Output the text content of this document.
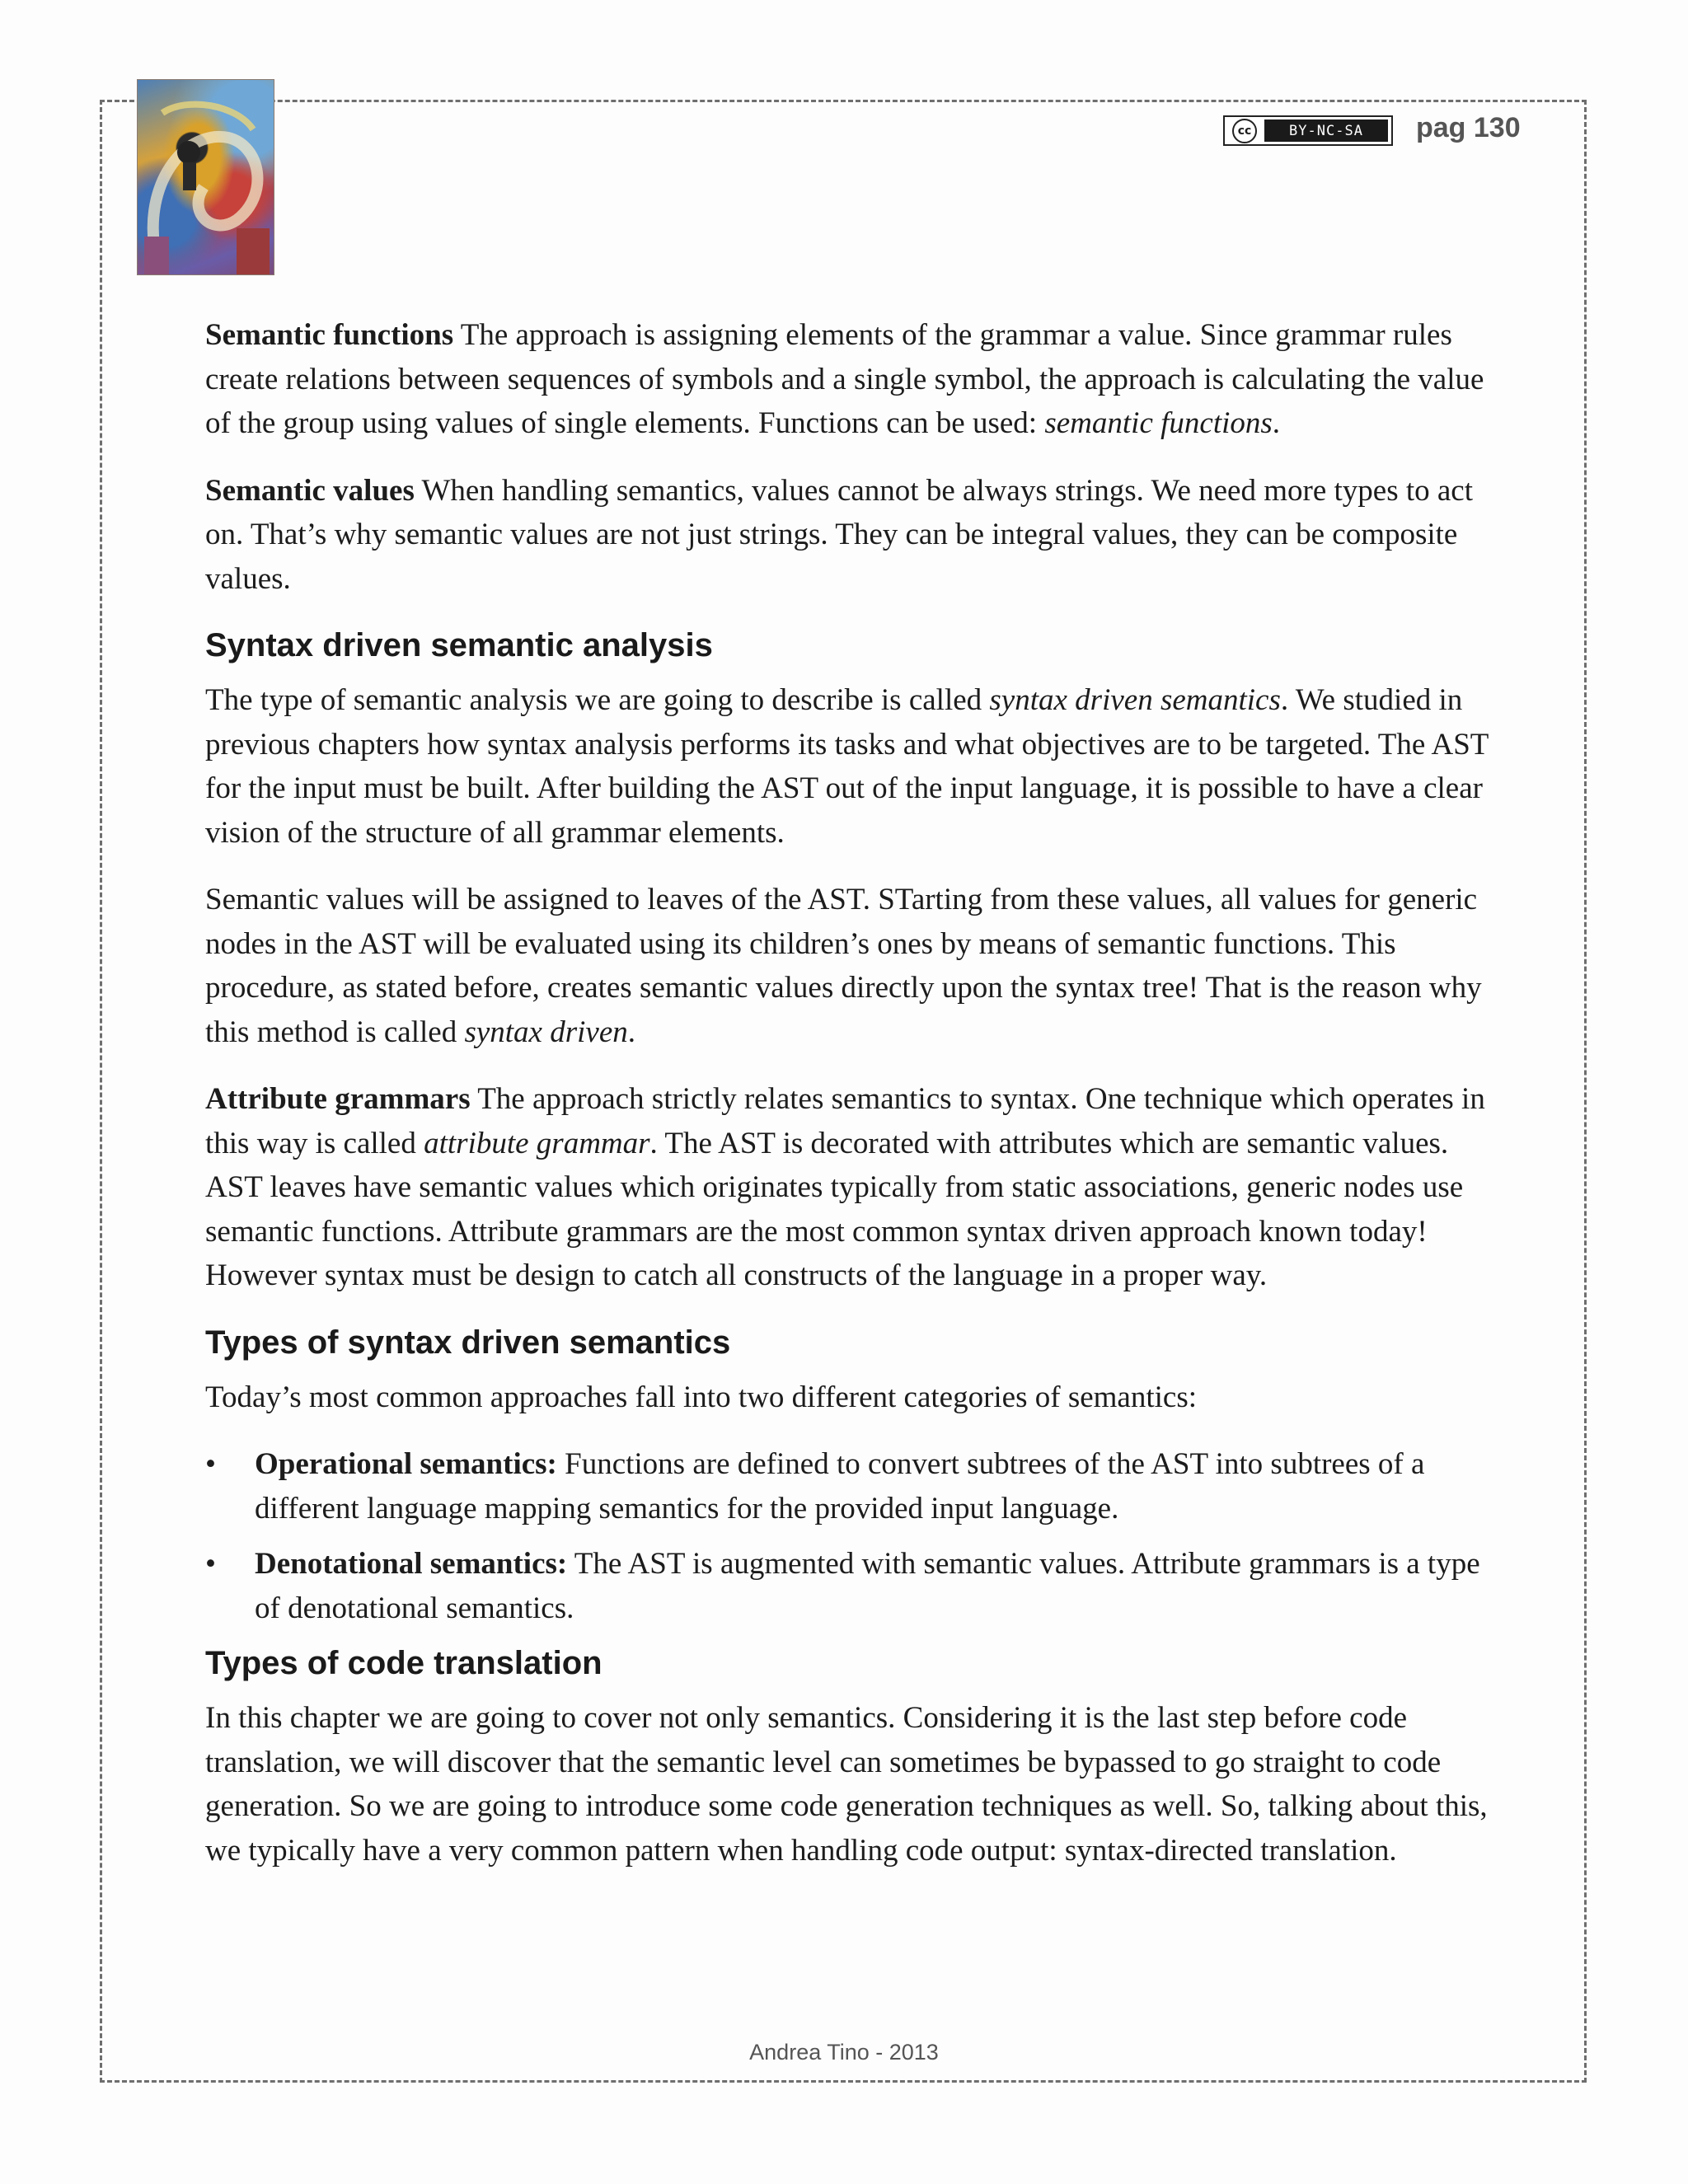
cc	BY-NC-SA	pag 130

Semantic functions The approach is assigning elements of the grammar a value. Since grammar rules create relations between sequences of symbols and a single symbol, the approach is calculating the value of the group using values of single elements. Functions can be used: semantic functions.

Semantic values When handling semantics, values cannot be always strings. We need more types to act on. That’s why semantic values are not just strings. They can be integral values, they can be composite values.

Syntax driven semantic analysis

The type of semantic analysis we are going to describe is called syntax driven semantics. We studied in previous chapters how syntax analysis performs its tasks and what objectives are to be targeted. The AST for the input must be built. After building the AST out of the input language, it is possible to have a clear vision of the structure of all grammar elements.

Semantic values will be assigned to leaves of the AST. STarting from these values, all values for generic nodes in the AST will be evaluated using its children’s ones by means of semantic functions. This procedure, as stated before, creates semantic values directly upon the syntax tree! That is the reason why this method is called syntax driven.

Attribute grammars The approach strictly relates semantics to syntax. One technique which operates in this way is called attribute grammar. The AST is decorated with attributes which are semantic values. AST leaves have semantic values which originates typically from static associations, generic nodes use semantic functions. Attribute grammars are the most common syntax driven approach known today! However syntax must be design to catch all constructs of the language in a proper way.

Types of syntax driven semantics

Today’s most common approaches fall into two different categories of semantics:

• Operational semantics: Functions are defined to convert subtrees of the AST into subtrees of a different language mapping semantics for the provided input language.
• Denotational semantics: The AST is augmented with semantic values. Attribute grammars is a type of denotational semantics.
Types of code translation

In this chapter we are going to cover not only semantics. Considering it is the last step before code translation, we will discover that the semantic level can sometimes be bypassed to go straight to code generation. So we are going to introduce some code generation techniques as well. So, talking about this, we typically have a very common pattern when handling code output: syntax-directed translation.

Andrea Tino - 2013
